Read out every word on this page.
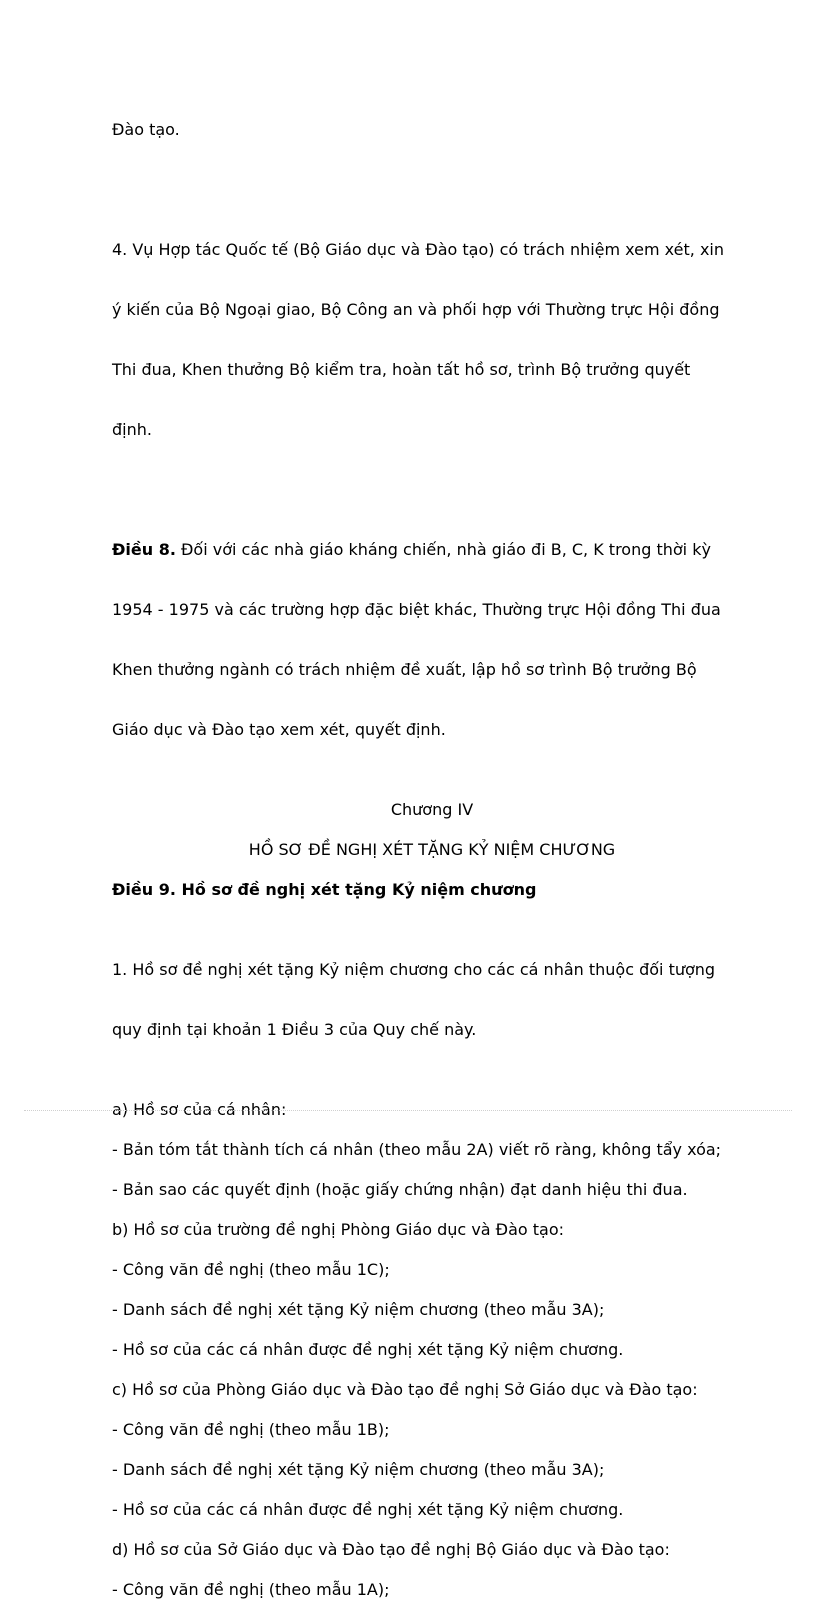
Đào tạo.

4. Vụ Hợp tác Quốc tế (Bộ Giáo dục và Đào tạo) có trách nhiệm xem xét, xin

ý kiến của Bộ Ngoại giao, Bộ Công an và phối hợp với Thường trực Hội đồng

Thi đua, Khen thưởng Bộ kiểm tra, hoàn tất hồ sơ, trình Bộ trưởng quyết

định.

Điều 8. Đối với các nhà giáo kháng chiến, nhà giáo đi B, C, K trong thời kỳ

1954 - 1975 và các trường hợp đặc biệt khác, Thường trực Hội đồng Thi đua

Khen thưởng ngành có trách nhiệm đề xuất, lập hồ sơ trình Bộ trưởng Bộ

Giáo dục và Đào tạo xem xét, quyết định.

Chương IV

HỒ SƠ ĐỀ NGHỊ XÉT TẶNG KỶ NIỆM CHƯƠNG

Điều 9. Hồ sơ đề nghị xét tặng Kỷ niệm chương

1. Hồ sơ đề nghị xét tặng Kỷ niệm chương cho các cá nhân thuộc đối tượng

quy định tại khoản 1 Điều 3 của Quy chế này.

a) Hồ sơ của cá nhân:

- Bản tóm tắt thành tích cá nhân (theo mẫu 2A) viết rõ ràng, không tẩy xóa;

- Bản sao các quyết định (hoặc giấy chứng nhận) đạt danh hiệu thi đua.

b) Hồ sơ của trường đề nghị Phòng Giáo dục và Đào tạo:

- Công văn đề nghị (theo mẫu 1C);

- Danh sách đề nghị xét tặng Kỷ niệm chương (theo mẫu 3A);

- Hồ sơ của các cá nhân được đề nghị xét tặng Kỷ niệm chương.

c) Hồ sơ của Phòng Giáo dục và Đào tạo đề nghị Sở Giáo dục và Đào tạo:

- Công văn đề nghị (theo mẫu 1B);

- Danh sách đề nghị xét tặng Kỷ niệm chương (theo mẫu 3A);

- Hồ sơ của các cá nhân được đề nghị xét tặng Kỷ niệm chương.

d) Hồ sơ của Sở Giáo dục và Đào tạo đề nghị Bộ Giáo dục và Đào tạo:

- Công văn đề nghị (theo mẫu 1A);
